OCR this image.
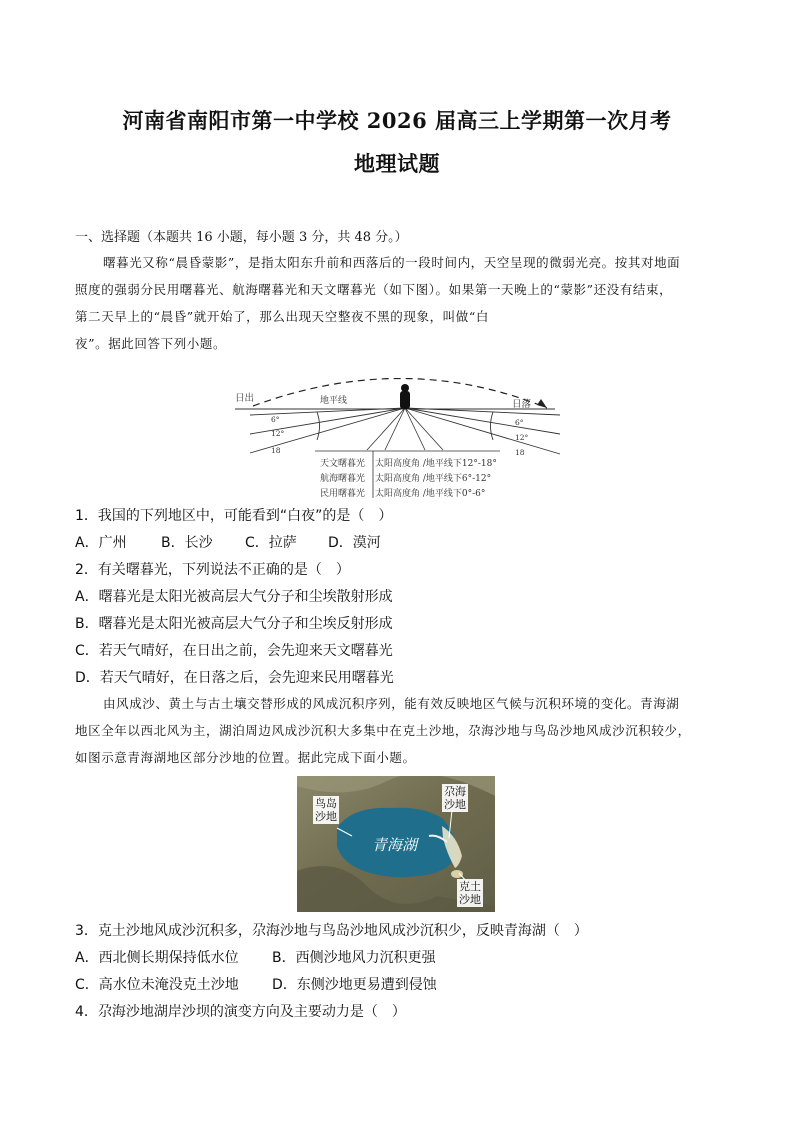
河南省南阳市第一中学校 2026 届高三上学期第一次月考
地理试题
一、选择题（本题共 16 小题，每小题 3 分，共 48 分。）
曙暮光又称“晨昏蒙影”，是指太阳东升前和西落后的一段时间内，天空呈现的微弱光亮。按其对地面
照度的强弱分民用曙暮光、航海曙暮光和天文曙暮光（如下图）。如果第一天晚上的“蒙影”还没有结束，
第二天早上的“晨昏”就开始了，那么出现天空整夜不黑的现象，叫做“白
夜”。据此回答下列小题。
日出	地平线	日落
6°
12°
18
6°
12°
18
天文曙暮光 太阳高度角 /地平线下12°-18°
航海曙暮光 太阳高度角 /地平线下6°-12°
民用曙暮光 太阳高度角 /地平线下0°-6°
1．我国的下列地区中，可能看到“白夜”的是（　）
A．广州 B．长沙 C．拉萨 D．漠河
2．有关曙暮光，下列说法不正确的是（　）
A．曙暮光是太阳光被高层大气分子和尘埃散射形成
B．曙暮光是太阳光被高层大气分子和尘埃反射形成
C．若天气晴好，在日出之前，会先迎来天文曙暮光
D．若天气晴好，在日落之后，会先迎来民用曙暮光
由风成沙、黄土与古土壤交替形成的风成沉积序列，能有效反映地区气候与沉积环境的变化。青海湖
地区全年以西北风为主，湖泊周边风成沙沉积大多集中在克土沙地，尕海沙地与鸟岛沙地风成沙沉积较少，
如图示意青海湖地区部分沙地的位置。据此完成下面小题。
鸟岛
沙地
尕海
沙地
青海湖
克土
沙地
3．克土沙地风成沙沉积多，尕海沙地与鸟岛沙地风成沙沉积少，反映青海湖（　）
A．西北侧长期保持低水位 B．西侧沙地风力沉积更强
C．高水位未淹没克土沙地 D．东侧沙地更易遭到侵蚀
4．尕海沙地湖岸沙坝的演变方向及主要动力是（　）
